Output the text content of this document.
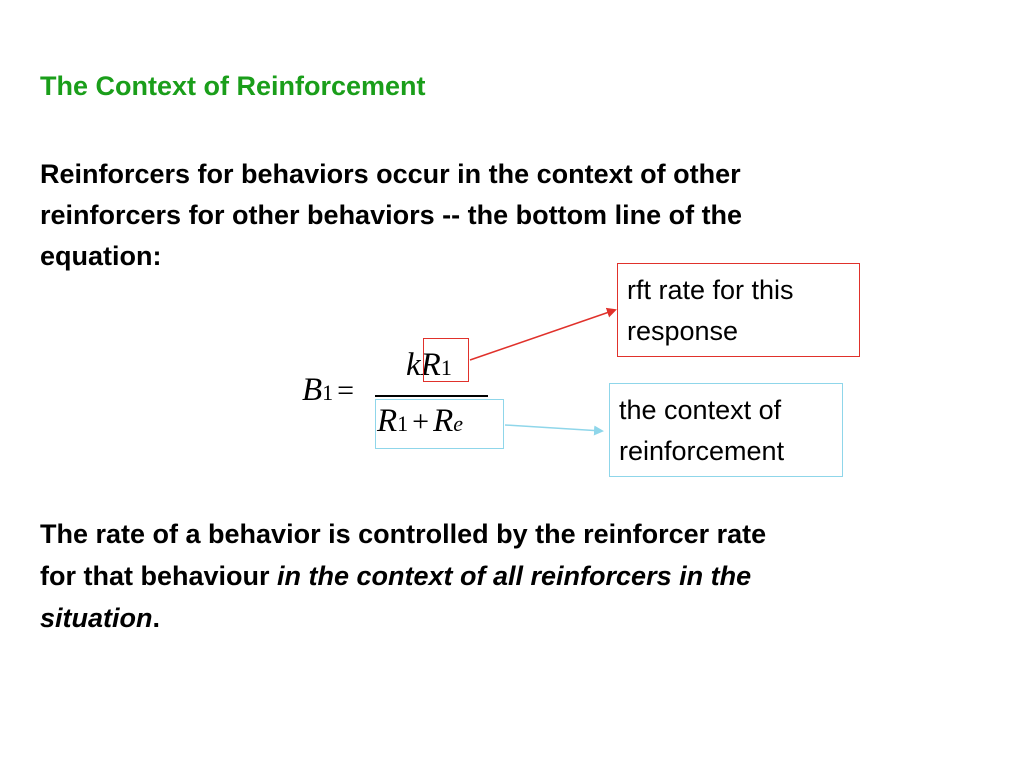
The Context of Reinforcement
Reinforcers for behaviors occur in the context of other
reinforcers for other behaviors -- the bottom line of the
equation:
B1 =
kR1
R1 + Re
rft rate for this
response
the context of
reinforcement
The rate of a behavior is controlled by the reinforcer rate
for that behaviour in the context of all reinforcers in the
situation.
